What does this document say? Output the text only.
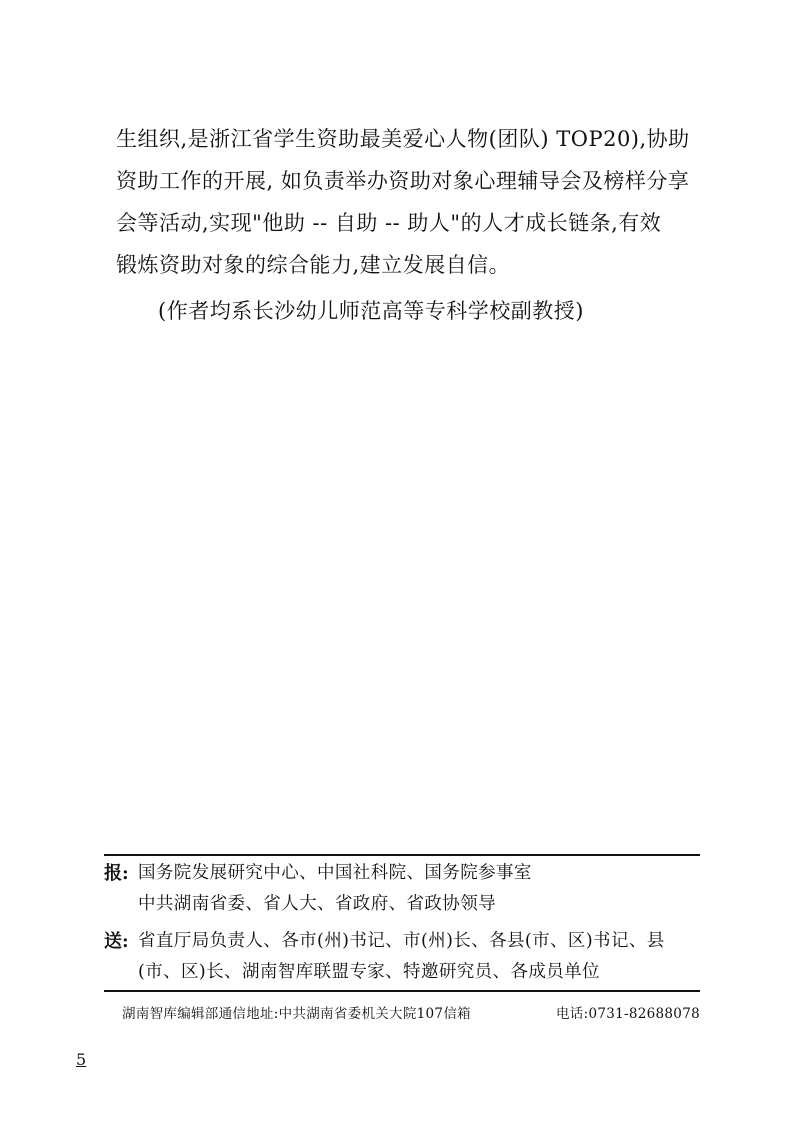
生组织,是浙江省学生资助最美爱心人物(团队) TOP20),协助

资助工作的开展, 如负责举办资助对象心理辅导会及榜样分享

会等活动,实现"他助 -- 自助 -- 助人"的人才成长链条,有效

锻炼资助对象的综合能力,建立发展自信。

(作者均系长沙幼儿师范高等专科学校副教授)
报: 国务院发展研究中心、中国社科院、国务院参事室
中共湖南省委、省人大、省政府、省政协领导
送: 省直厅局负责人、各市(州)书记、市(州)长、各县(市、区)书记、县
(市、区)长、湖南智库联盟专家、特邀研究员、各成员单位
湖南智库编辑部通信地址:中共湖南省委机关大院107信箱	电话:0731-82688078
5
